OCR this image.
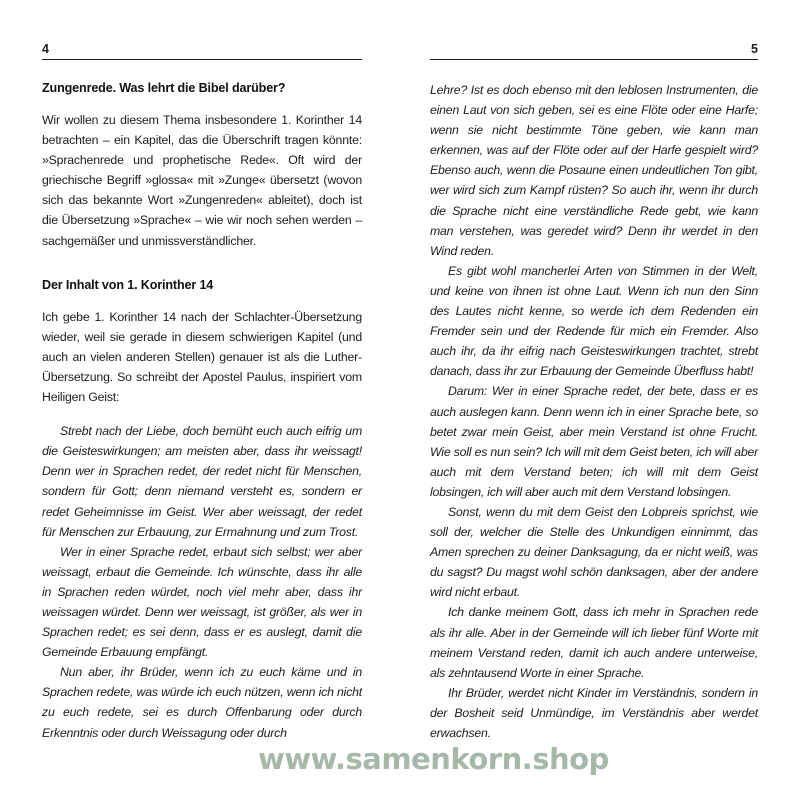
4
Zungenrede. Was lehrt die Bibel darüber?

Wir wollen zu diesem Thema insbesondere 1. Korinther 14 betrachten – ein Kapitel, das die Überschrift tragen könnte: »Sprachenrede und prophetische Rede«. Oft wird der griechische Begriff »glossa« mit »Zunge« übersetzt (wovon sich das bekannte Wort »Zungenreden« ableitet), doch ist die Übersetzung »Sprache« – wie wir noch sehen werden – sachgemäßer und unmissverständlicher.

Der Inhalt von 1. Korinther 14

Ich gebe 1. Korinther 14 nach der Schlachter-Übersetzung wieder, weil sie gerade in diesem schwierigen Kapitel (und auch an vielen anderen Stellen) genauer ist als die Luther-Übersetzung. So schreibt der Apostel Paulus, inspiriert vom Heiligen Geist:

Strebt nach der Liebe, doch bemüht euch auch eifrig um die Geisteswirkungen; am meisten aber, dass ihr weissagt! Denn wer in Sprachen redet, der redet nicht für Menschen, sondern für Gott; denn niemand versteht es, sondern er redet Geheimnisse im Geist. Wer aber weissagt, der redet für Menschen zur Erbauung, zur Ermahnung und zum Trost.

Wer in einer Sprache redet, erbaut sich selbst; wer aber weissagt, erbaut die Gemeinde. Ich wünschte, dass ihr alle in Sprachen reden würdet, noch viel mehr aber, dass ihr weissagen würdet. Denn wer weissagt, ist größer, als wer in Sprachen redet; es sei denn, dass er es auslegt, damit die Gemeinde Erbauung empfängt.

Nun aber, ihr Brüder, wenn ich zu euch käme und in Sprachen redete, was würde ich euch nützen, wenn ich nicht zu euch redete, sei es durch Offenbarung oder durch Erkenntnis oder durch Weissagung oder durch

5

Lehre? Ist es doch ebenso mit den leblosen Instrumenten, die einen Laut von sich geben, sei es eine Flöte oder eine Harfe; wenn sie nicht bestimmte Töne geben, wie kann man erkennen, was auf der Flöte oder auf der Harfe gespielt wird? Ebenso auch, wenn die Posaune einen undeutlichen Ton gibt, wer wird sich zum Kampf rüsten? So auch ihr, wenn ihr durch die Sprache nicht eine verständliche Rede gebt, wie kann man verstehen, was geredet wird? Denn ihr werdet in den Wind reden.

Es gibt wohl mancherlei Arten von Stimmen in der Welt, und keine von ihnen ist ohne Laut. Wenn ich nun den Sinn des Lautes nicht kenne, so werde ich dem Redenden ein Fremder sein und der Redende für mich ein Fremder. Also auch ihr, da ihr eifrig nach Geisteswirkungen trachtet, strebt danach, dass ihr zur Erbauung der Gemeinde Überfluss habt!

Darum: Wer in einer Sprache redet, der bete, dass er es auch auslegen kann. Denn wenn ich in einer Sprache bete, so betet zwar mein Geist, aber mein Verstand ist ohne Frucht. Wie soll es nun sein? Ich will mit dem Geist beten, ich will aber auch mit dem Verstand beten; ich will mit dem Geist lobsingen, ich will aber auch mit dem Verstand lobsingen.

Sonst, wenn du mit dem Geist den Lobpreis sprichst, wie soll der, welcher die Stelle des Unkundigen einnimmt, das Amen sprechen zu deiner Danksagung, da er nicht weiß, was du sagst? Du magst wohl schön danksagen, aber der andere wird nicht erbaut.

Ich danke meinem Gott, dass ich mehr in Sprachen rede als ihr alle. Aber in der Gemeinde will ich lieber fünf Worte mit meinem Verstand reden, damit ich auch andere unterweise, als zehntausend Worte in einer Sprache.

Ihr Brüder, werdet nicht Kinder im Verständnis, sondern in der Bosheit seid Unmündige, im Verständnis aber werdet erwachsen.

www.samenkorn.shop
